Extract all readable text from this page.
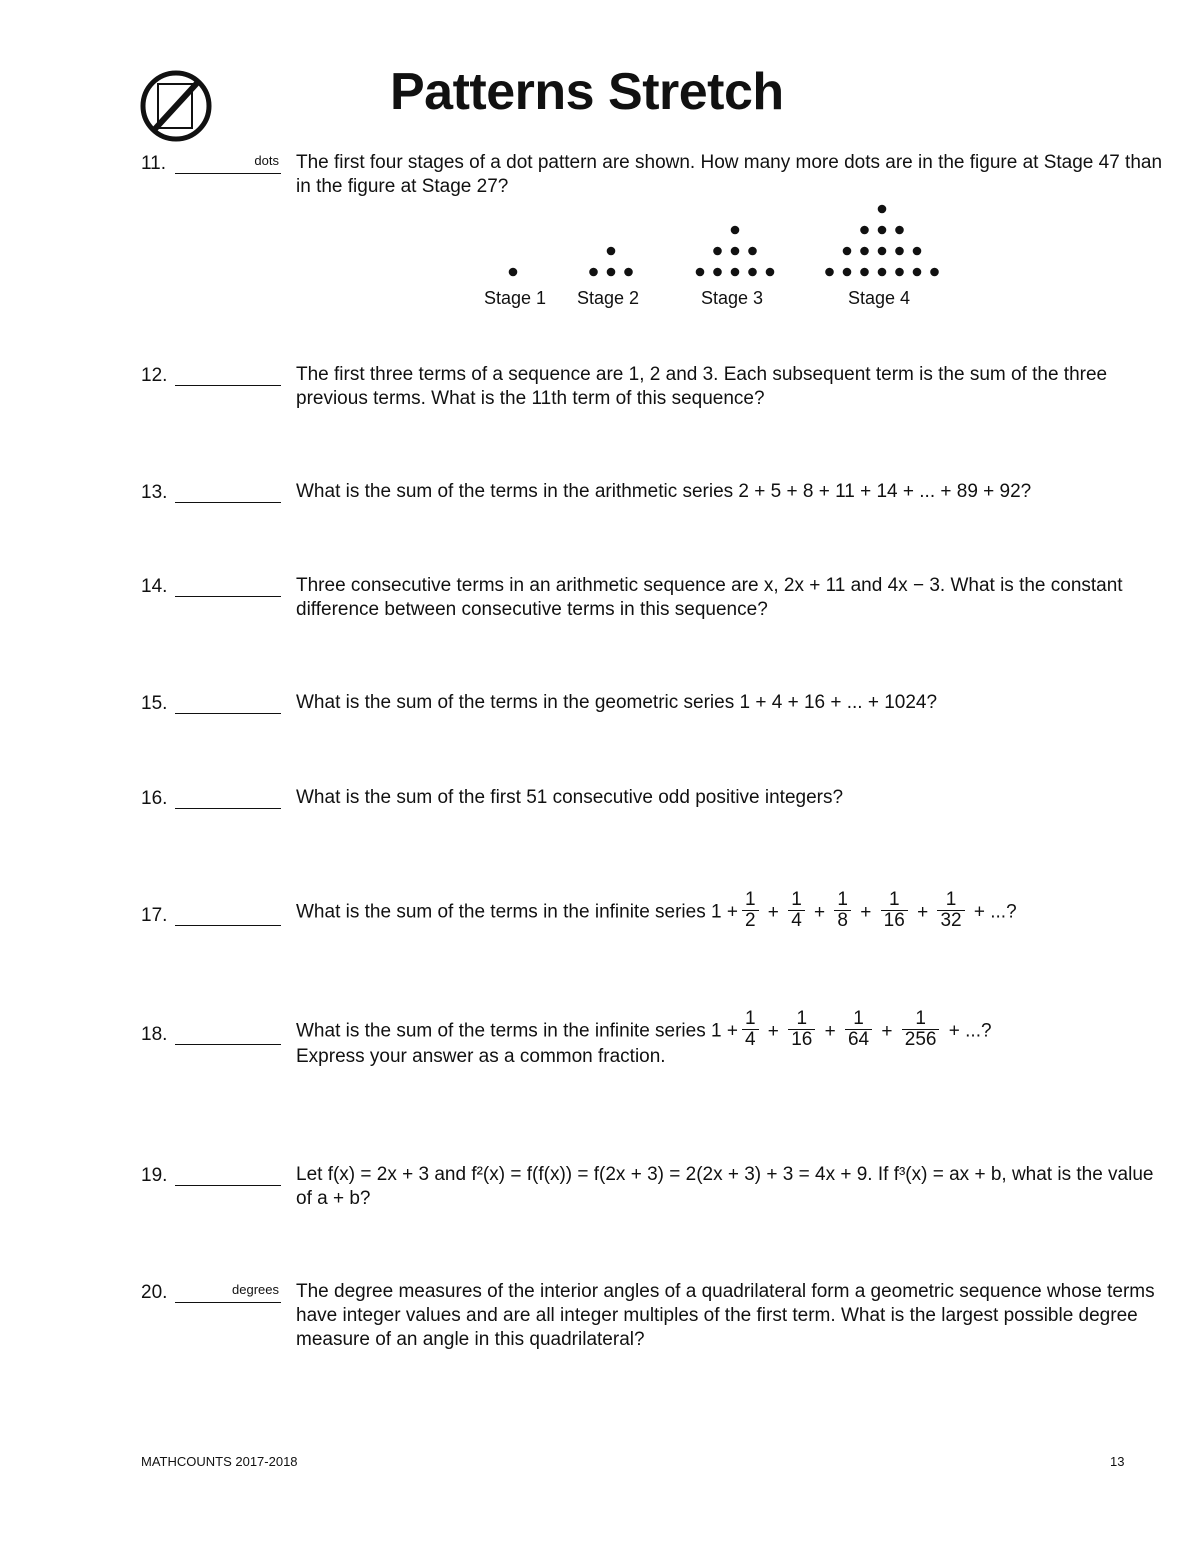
Patterns Stretch
11.	dots The first four stages of a dot pattern are shown. How many more dots are in the figure at Stage 47 than in the figure at Stage 27?
Stage 1 Stage 2	Stage 3	Stage 4
12.	The first three terms of a sequence are 1, 2 and 3. Each subsequent term is the sum of the three previous terms. What is the 11th term of this sequence?
13.	What is the sum of the terms in the arithmetic series 2 + 5 + 8 + 11 + 14 + ... + 89 + 92?
14.	Three consecutive terms in an arithmetic sequence are x, 2x + 11 and 4x − 3. What is the constant difference between consecutive terms in this sequence?
15.	What is the sum of the terms in the geometric series 1 + 4 + 16 + ... + 1024?
16.	What is the sum of the first 51 consecutive odd positive integers?
17.	What is the sum of the terms in the infinite series $1 + \frac{1}{2} + \frac{1}{4} + \frac{1}{8} + \frac{1}{16} + \frac{1}{32}$ + ...?
18.	What is the sum of the terms in the infinite series $1 + \frac{1}{4} + \frac{1}{16} + \frac{1}{64} + \frac{1}{256}$ + ...?
Express your answer as a common fraction.
19.	Let f(x) = 2x + 3 and f²(x) = f(f(x)) = f(2x + 3) = 2(2x + 3) + 3 = 4x + 9. If f³(x) = ax + b, what is the value of a + b?
20.	degrees The degree measures of the interior angles of a quadrilateral form a geometric sequence whose terms have integer values and are all integer multiples of the first term. What is the largest possible degree measure of an angle in this quadrilateral?
MATHCOUNTS 2017-2018	13
